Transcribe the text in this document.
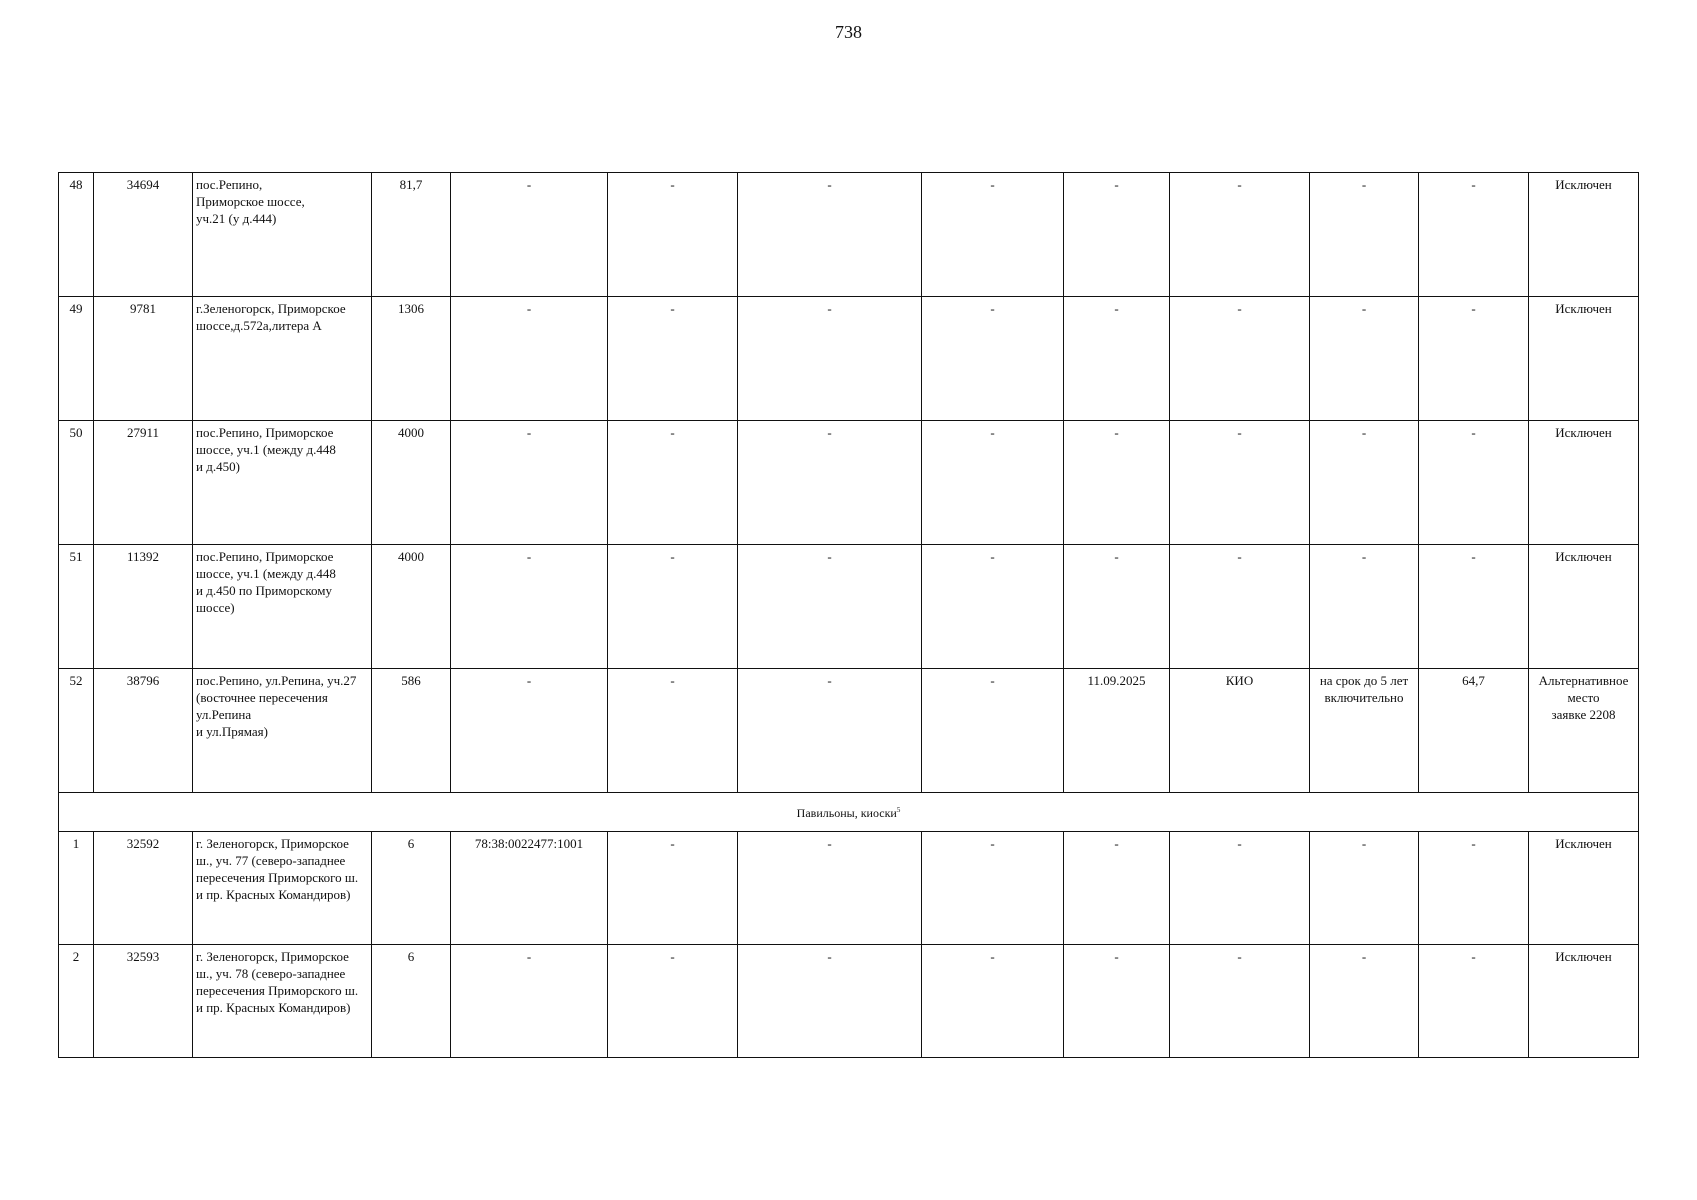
738
48	34694	пос.Репино,
Приморское шоссе,
уч.21 (у д.444)	81,7	-	-	-	-	-	-	-	-	Исключен
49	9781	г.Зеленогорск, Приморское
шоссе,д.572а,литера А	1306	-	-	-	-	-	-	-	-	Исключен
50	27911	пос.Репино, Приморское
шоссе, уч.1 (между д.448
и д.450)	4000	-	-	-	-	-	-	-	-	Исключен
51	11392	пос.Репино, Приморское
шоссе, уч.1 (между д.448
и д.450 по Приморскому
шоссе)	4000	-	-	-	-	-	-	-	-	Исключен
52	38796	пос.Репино, ул.Репина, уч.27
(восточнее пересечения
ул.Репина
и ул.Прямая)	586	-	-	-	-	11.09.2025	КИО	на срок до 5 лет
включительно	64,7	Альтернативное
место
заявке 2208
Павильоны, киоски$^5$
1	32592	г. Зеленогорск, Приморское
ш., уч. 77 (северо-западнее
пересечения Приморского ш.
и пр. Красных Командиров)	6	78:38:0022477:1001	-	-	-	-	-	-	-	Исключен
2	32593	г. Зеленогорск, Приморское
ш., уч. 78 (северо-западнее
пересечения Приморского ш.
и пр. Красных Командиров)	6	-	-	-	-	-	-	-	-	Исключен
